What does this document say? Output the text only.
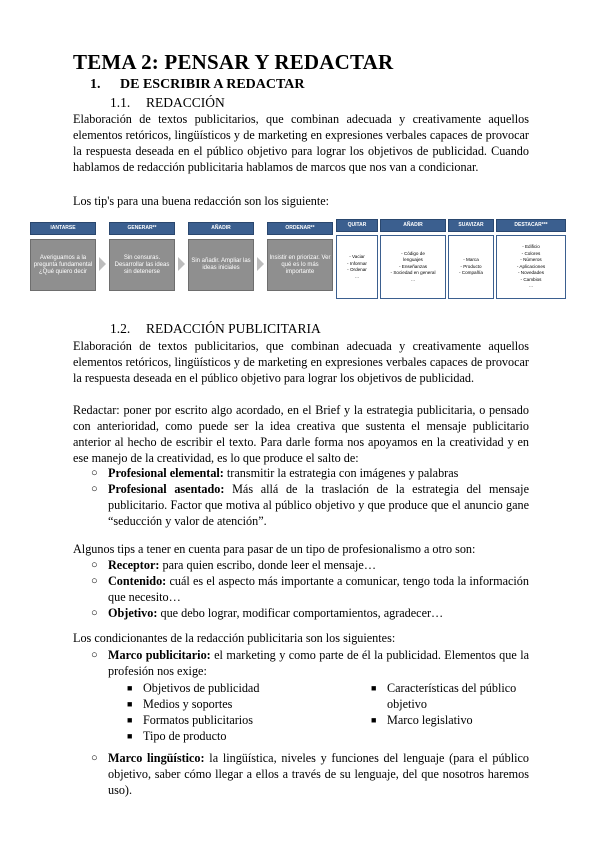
TEMA 2: PENSAR Y REDACTAR
1. DE ESCRIBIR A REDACTAR
1.1. REDACCIÓN
Elaboración de textos publicitarios, que combinan adecuada y creativamente aquellos elementos retóricos, lingüísticos y de marketing en expresiones verbales capaces de provocar la respuesta deseada en el público objetivo para lograr los objetivos de publicidad. Cuando hablamos de redacción publicitaria hablamos de marcos que nos van a condicionar.
Los tip's para una buena redacción son los siguiente:
IANTARSE
Averiguamos a la pregunta fundamental ¿Qué quiero decir
GENERAR**
Sin censuras. Desarrollar las ideas sin detenerse
AÑADIR
Sin añadir. Ampliar las ideas iniciales
ORDENAR**
Insistir en priorizar. Ver qué es lo más importante
QUITAR
- Vaciar
- Informar
- Ordenar
...
AÑADIR
- Código de
lenguajes
- Enseñanzas
- Sociedad en general
...
SUAVIZAR
- Marca
- Producto
- Compañía
DESTACAR***
- Edificio
- Colores
- Números
- Aplicaciones
- Novedades
- Cambios
...
1.2. REDACCIÓN PUBLICITARIA
Elaboración de textos publicitarios, que combinan adecuada y creativamente aquellos elementos retóricos, lingüísticos y de marketing en expresiones verbales capaces de provocar la respuesta deseada en el público objetivo para lograr los objetivos de publicidad.
Redactar: poner por escrito algo acordado, en el Brief y la estrategia publicitaria, o pensado con anterioridad, como puede ser la idea creativa que sustenta el mensaje publicitario anterior al hecho de escribir el texto. Para darle forma nos apoyamos en la creatividad y en ese manejo de la creatividad, es lo que produce el salto de:
○ Profesional elemental: transmitir la estrategia con imágenes y palabras
○ Profesional asentado: Más allá de la traslación de la estrategia del mensaje publicitario. Factor que motiva al público objetivo y que produce que el anuncio gane “seducción y valor de atención”.
Algunos tips a tener en cuenta para pasar de un tipo de profesionalismo a otro son:
○ Receptor: para quien escribo, donde leer el mensaje…
○ Contenido: cuál es el aspecto más importante a comunicar, tengo toda la información que necesito…
○ Objetivo: que debo lograr, modificar comportamientos, agradecer…
Los condicionantes de la redacción publicitaria son los siguientes:
○ Marco publicitario: el marketing y como parte de él la publicidad. Elementos que la profesión nos exige:
■ Objetivos de publicidad
■ Medios y soportes
■ Formatos publicitarios
■ Tipo de producto
■ Características del público objetivo
■ Marco legislativo
○ Marco lingüístico: la lingüística, niveles y funciones del lenguaje (para el público objetivo, saber cómo llegar a ellos a través de su lenguaje, del que nosotros haremos uso).
